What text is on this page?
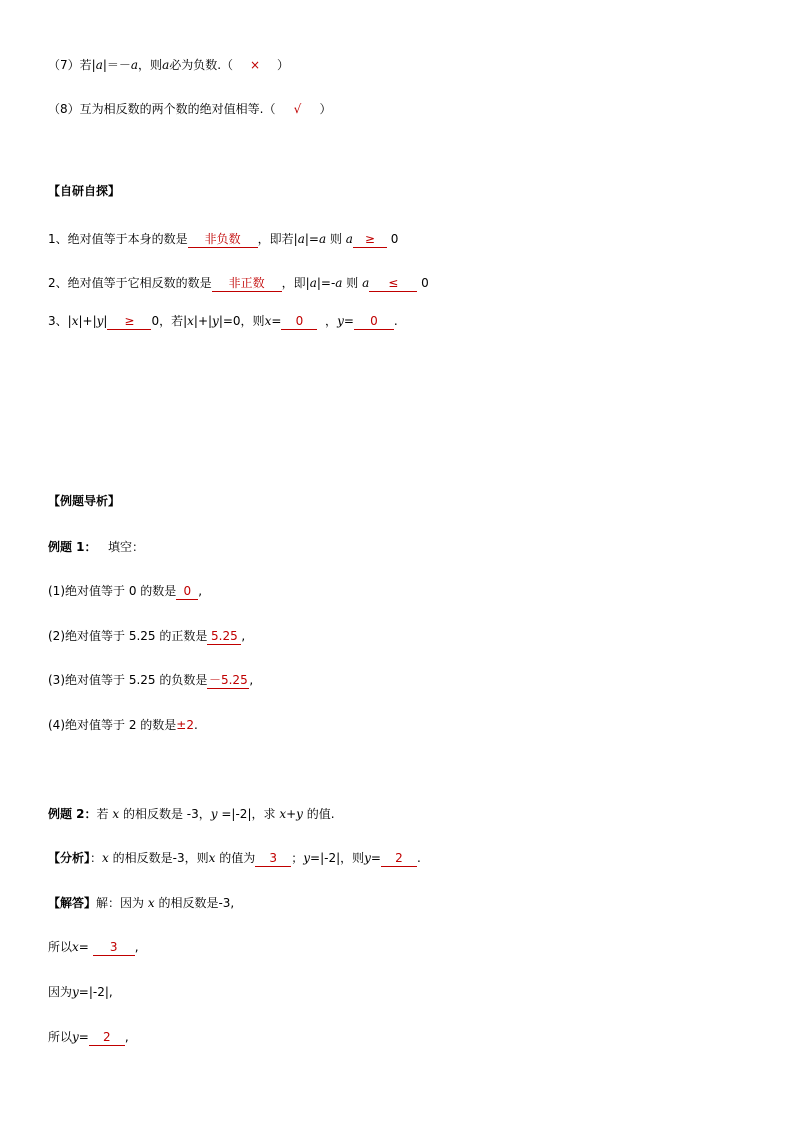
（7）若|a|＝－a，则a必为负数.（ × ）
（8）互为相反数的两个数的绝对值相等.（ √ ）
【自研自探】
1、绝对值等于本身的数是 非负数 ，即若|a|=a 则 a ≥ 0
2、绝对值等于它相反数的数是 非正数 ，即|a|=-a 则 a ≤ 0
3、|x|+|y| ≥ 0，若|x|+|y|=0，则x= 0 ，y= 0 .
【例题导析】
例题 1： 填空：
(1)绝对值等于 0 的数是 0 ,
(2)绝对值等于 5.25 的正数是 5.25 ,
(3)绝对值等于 5.25 的负数是 －5.25 ,
(4)绝对值等于 2 的数是±2.
例题 2：若 x 的相反数是 -3，y =|-2|，求 x+y 的值.
【分析】：x 的相反数是-3，则x 的值为 3 ；y=|-2|，则y= 2 .
【解答】解：因为 x 的相反数是-3,
所以x= 3 ,
因为y=|-2|,
所以y= 2 ,
